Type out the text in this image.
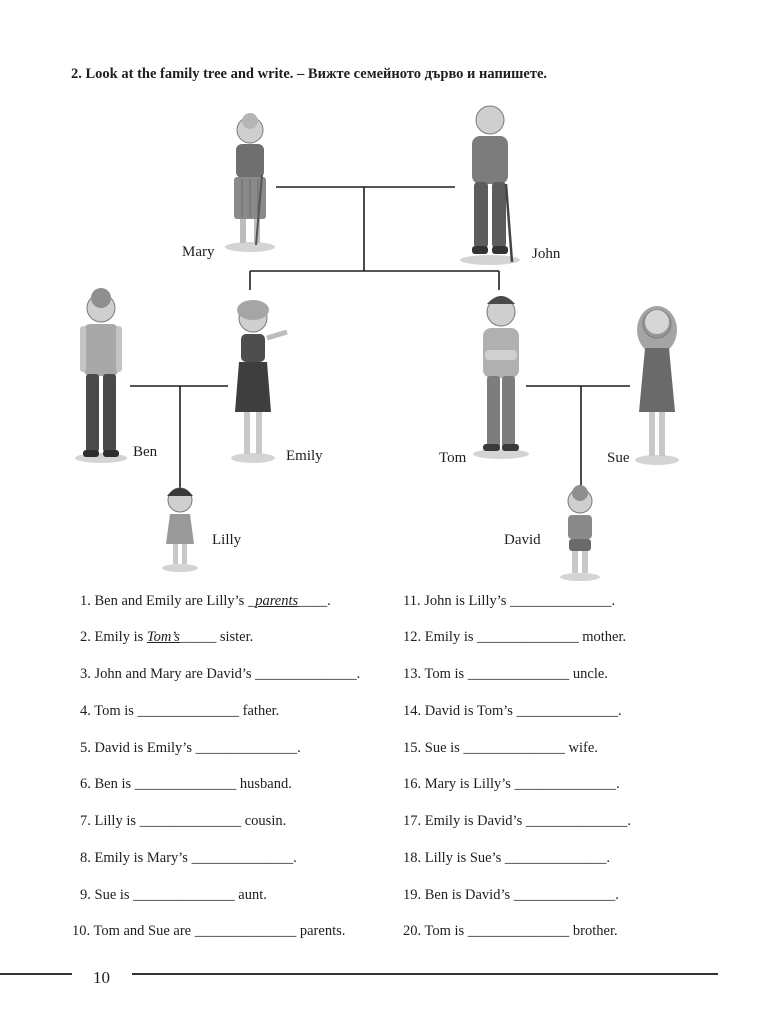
2. Look at the family tree and write. – Вижте семейното дърво и напишете.
Mary	John
Ben	Emily	Tom	Sue
Lilly	David
1. Ben and Emily are Lilly’s _parents____.
2. Emily is Tom’s_____ sister.
3. John and Mary are David’s ______________.
4. Tom is ______________ father.
5. David is Emily’s ______________.
6. Ben is ______________ husband.
7. Lilly is ______________ cousin.
8. Emily is Mary’s ______________.
9. Sue is ______________ aunt.
10. Tom and Sue are ______________ parents.
11. John is Lilly’s ______________.
12. Emily is ______________ mother.
13. Tom is ______________ uncle.
14. David is Tom’s ______________.
15. Sue is ______________ wife.
16. Mary is Lilly’s ______________.
17. Emily is David’s ______________.
18. Lilly is Sue’s ______________.
19. Ben is David’s ______________.
20. Tom is ______________ brother.
10
